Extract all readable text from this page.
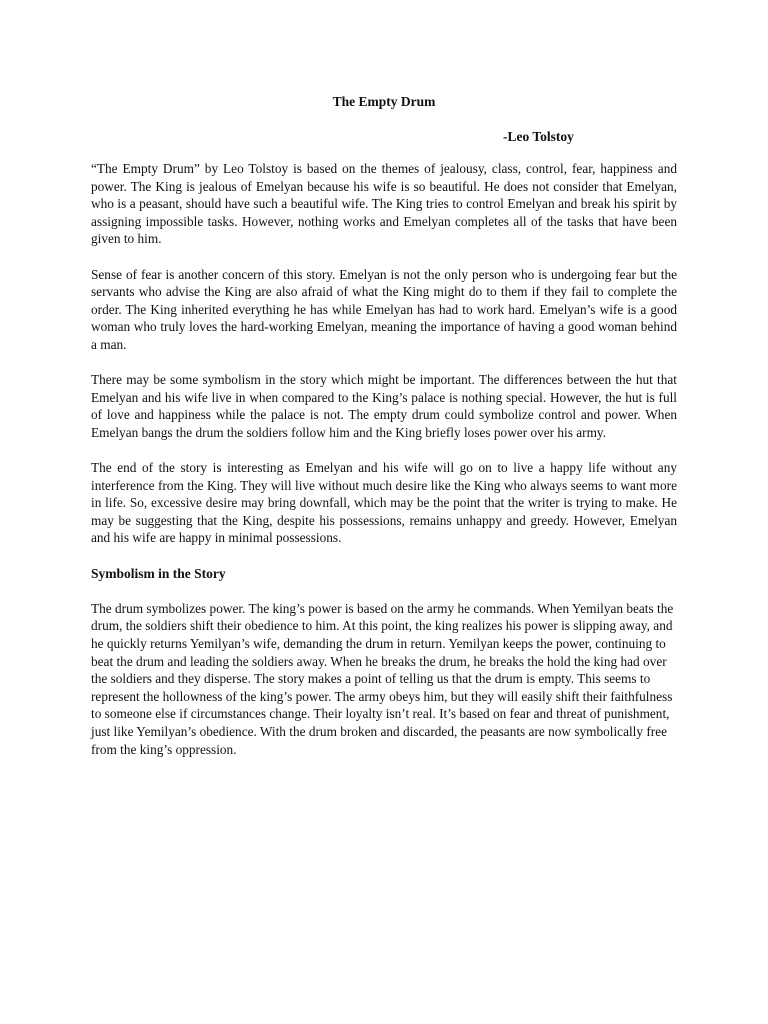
The Empty Drum
-Leo Tolstoy

“The Empty Drum” by Leo Tolstoy is based on the themes of jealousy, class, control, fear, happiness and power. The King is jealous of Emelyan because his wife is so beautiful. He does not consider that Emelyan, who is a peasant, should have such a beautiful wife. The King tries to control Emelyan and break his spirit by assigning impossible tasks. However, nothing works and Emelyan completes all of the tasks that have been given to him.

Sense of fear is another concern of this story. Emelyan is not the only person who is undergoing fear but the servants who advise the King are also afraid of what the King might do to them if they fail to complete the order. The King inherited everything he has while Emelyan has had to work hard. Emelyan’s wife is a good woman who truly loves the hard-working Emelyan, meaning the importance of having a good woman behind a man.

There may be some symbolism in the story which might be important. The differences between the hut that Emelyan and his wife live in when compared to the King’s palace is nothing special. However, the hut is full of love and happiness while the palace is not. The empty drum could symbolize control and power. When Emelyan bangs the drum the soldiers follow him and the King briefly loses power over his army.

The end of the story is interesting as Emelyan and his wife will go on to live a happy life without any interference from the King. They will live without much desire like the King who always seems to want more in life. So, excessive desire may bring downfall, which may be the point that the writer is trying to make. He may be suggesting that the King, despite his possessions, remains unhappy and greedy. However, Emelyan and his wife are happy in minimal possessions.

Symbolism in the Story

The drum symbolizes power. The king’s power is based on the army he commands. When Yemilyan beats the drum, the soldiers shift their obedience to him. At this point, the king realizes his power is slipping away, and he quickly returns Yemilyan’s wife, demanding the drum in return. Yemilyan keeps the power, continuing to beat the drum and leading the soldiers away. When he breaks the drum, he breaks the hold the king had over the soldiers and they disperse. The story makes a point of telling us that the drum is empty. This seems to represent the hollowness of the king’s power. The army obeys him, but they will easily shift their faithfulness to someone else if circumstances change. Their loyalty isn’t real. It’s based on fear and threat of punishment, just like Yemilyan’s obedience. With the drum broken and discarded, the peasants are now symbolically free from the king’s oppression.
